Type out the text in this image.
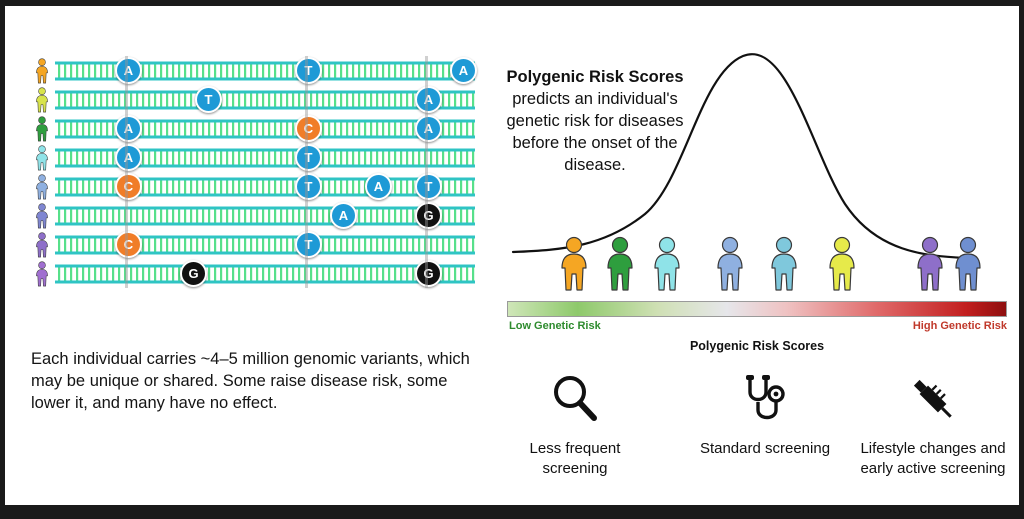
A	T	A
T	A
A	C	A
A	T
C	T	A	T
A	G
C	T
G	G
Each individual carries ~4–5 million genomic variants, which may be unique or shared. Some raise disease risk, some lower it, and many have no effect.
Polygenic Risk Scores predicts an individual's genetic risk for diseases before the onset of the disease.
Low Genetic Risk	High Genetic Risk
Polygenic Risk Scores
Less frequent screening
Standard screening	Lifestyle changes and early active screening
